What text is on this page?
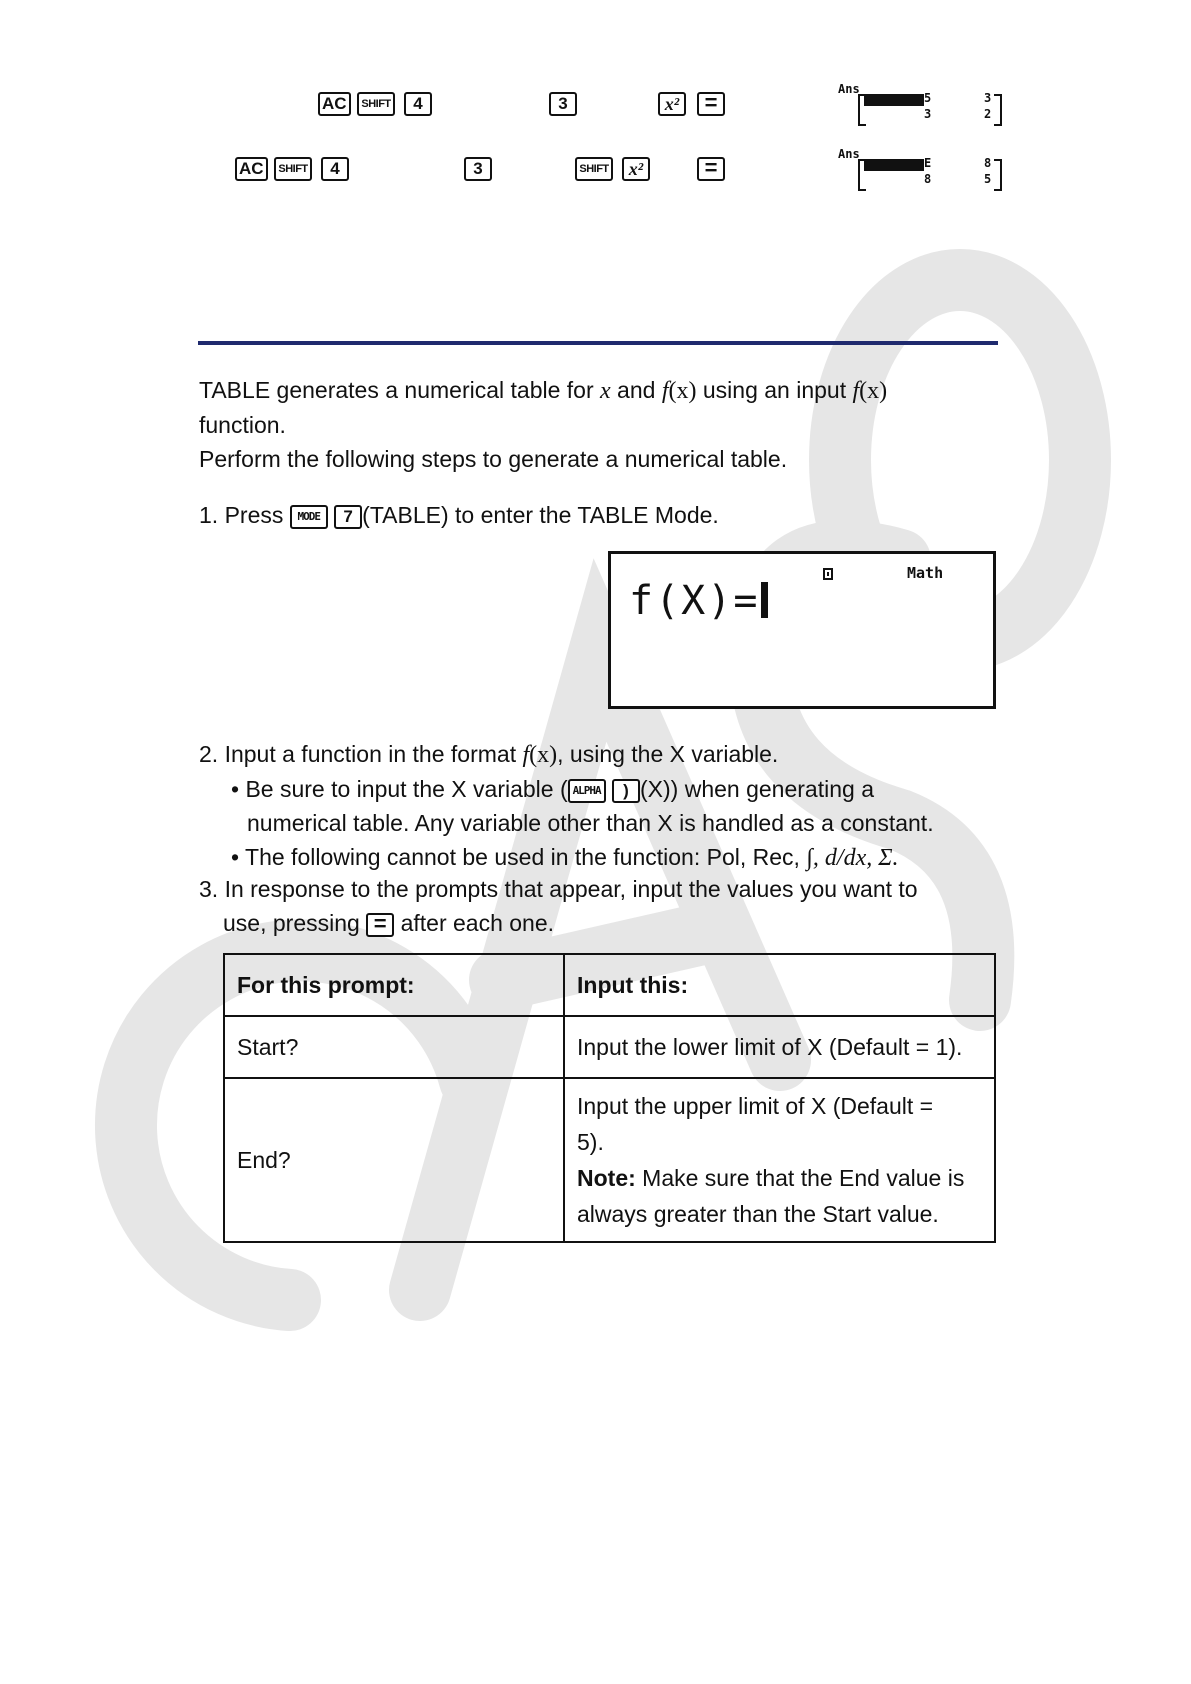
AC	SHIFT	4	3	x²	=
AC	SHIFT	4	3	SHIFT	x²	=
Ans
5
3
3
2
Ans
E
8
8
5
TABLE generates a numerical table for x and f(x) using an input f(x)
function.
Perform the following steps to generate a numerical table.
1. Press MODE 7 (TABLE) to enter the TABLE Mode.
Math
f(X)=
2. Input a function in the format f(x), using the X variable.
• Be sure to input the X variable ( ALPHA ) (X)) when generating a
numerical table. Any variable other than X is handled as a constant.
• The following cannot be used in the function: Pol, Rec, ∫, d/dx, Σ.
3. In response to the prompts that appear, input the values you want to
use, pressing = after each one.
For this prompt:	Input this:
Start?	Input the lower limit of X (Default = 1).
End?	Input the upper limit of X (Default =
5).
Note: Make sure that the End value is always greater than the Start value.
